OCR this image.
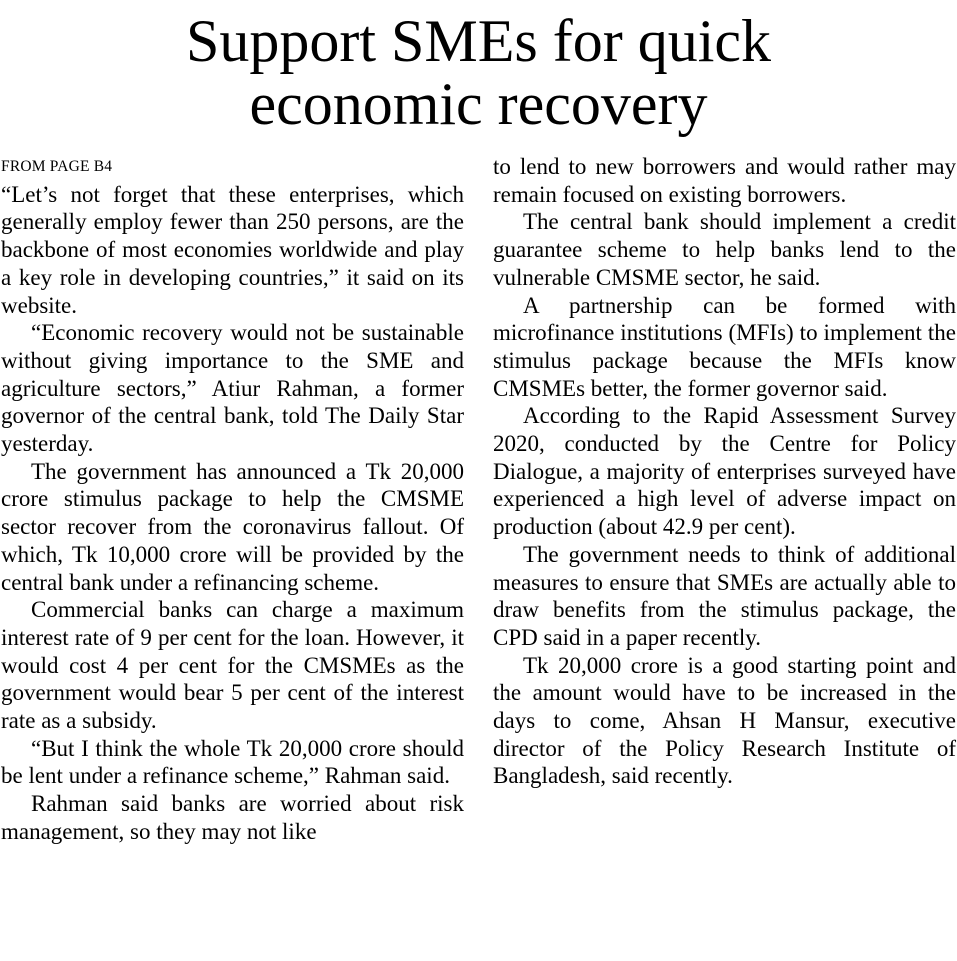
Support SMEs for quick
economic recovery
FROM PAGE B4

“Let’s not forget that these enterprises, which generally employ fewer than 250 persons, are the backbone of most economies worldwide and play a key role in developing countries,” it said on its website.

“Economic recovery would not be sustainable without giving importance to the SME and agriculture sectors,” Atiur Rahman, a former governor of the central bank, told The Daily Star yesterday.

The government has announced a Tk 20,000 crore stimulus package to help the CMSME sector recover from the coronavirus fallout. Of which, Tk 10,000 crore will be provided by the central bank under a refinancing scheme.

Commercial banks can charge a maximum interest rate of 9 per cent for the loan. However, it would cost 4 per cent for the CMSMEs as the government would bear 5 per cent of the interest rate as a subsidy.

“But I think the whole Tk 20,000 crore should be lent under a refinance scheme,” Rahman said.

Rahman said banks are worried about risk management, so they may not like

to lend to new borrowers and would rather may remain focused on existing borrowers.

The central bank should implement a credit guarantee scheme to help banks lend to the vulnerable CMSME sector, he said.

A partnership can be formed with microfinance institutions (MFIs) to implement the stimulus package because the MFIs know CMSMEs better, the former governor said.

According to the Rapid Assessment Survey 2020, conducted by the Centre for Policy Dialogue, a majority of enterprises surveyed have experienced a high level of adverse impact on production (about 42.9 per cent).

The government needs to think of additional measures to ensure that SMEs are actually able to draw benefits from the stimulus package, the CPD said in a paper recently.

Tk 20,000 crore is a good starting point and the amount would have to be increased in the days to come, Ahsan H Mansur, executive director of the Policy Research Institute of Bangladesh, said recently.
